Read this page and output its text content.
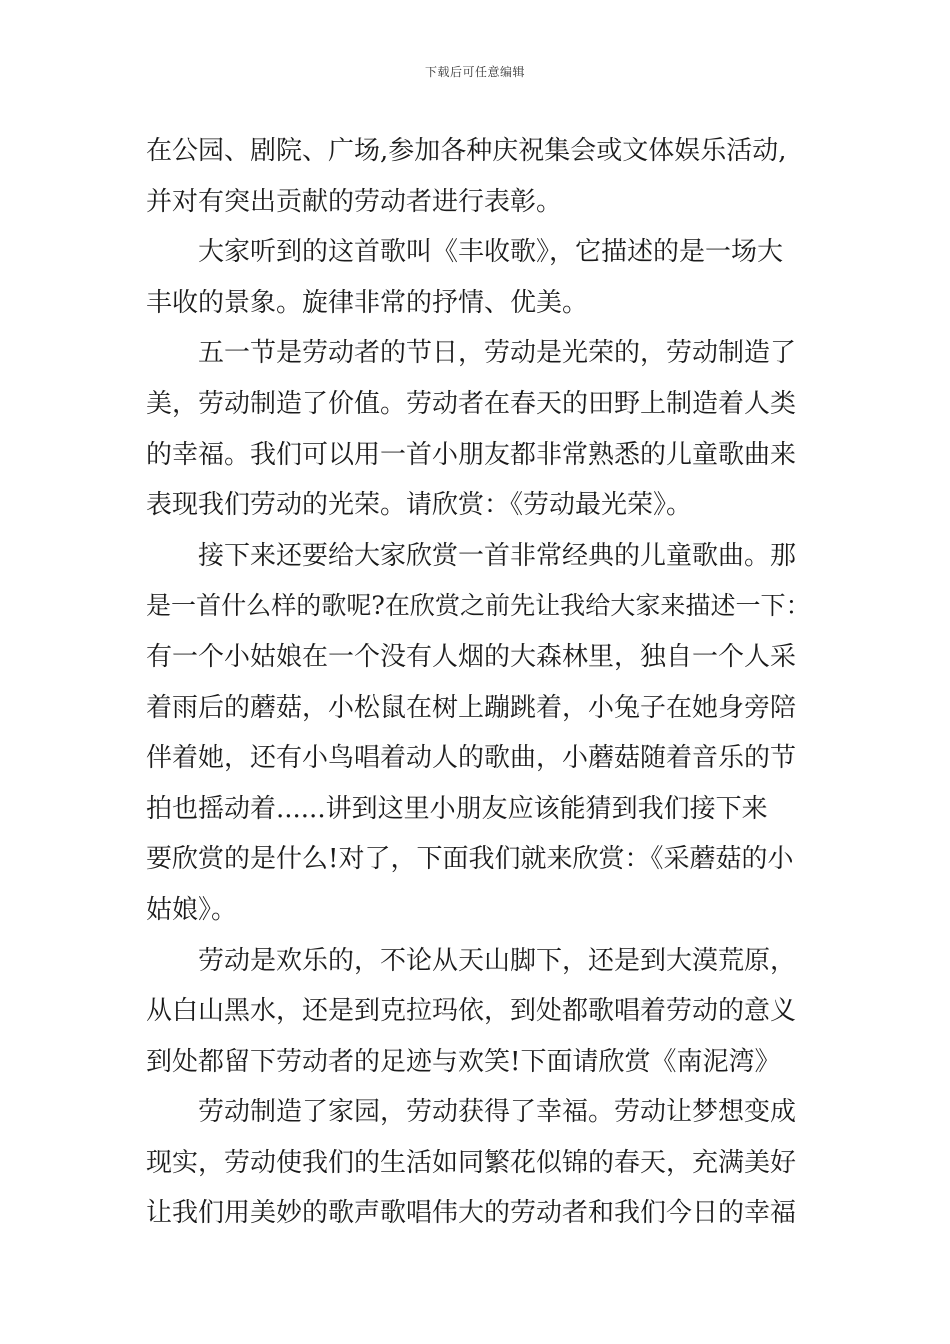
下载后可任意编辑

在公园、剧院、广场,参加各种庆祝集会或文体娱乐活动,
并对有突出贡献的劳动者进行表彰。

大家听到的这首歌叫《丰收歌》，它描述的是一场大
丰收的景象。旋律非常的抒情、优美。

五一节是劳动者的节日，劳动是光荣的，劳动制造了
美，劳动制造了价值。劳动者在春天的田野上制造着人类
的幸福。我们可以用一首小朋友都非常熟悉的儿童歌曲来
表现我们劳动的光荣。请欣赏：《劳动最光荣》。

接下来还要给大家欣赏一首非常经典的儿童歌曲。那
是一首什么样的歌呢?在欣赏之前先让我给大家来描述一下：
有一个小姑娘在一个没有人烟的大森林里，独自一个人采
着雨后的蘑菇，小松鼠在树上蹦跳着，小兔子在她身旁陪
伴着她，还有小鸟唱着动人的歌曲，小蘑菇随着音乐的节
拍也摇动着......讲到这里小朋友应该能猜到我们接下来
要欣赏的是什么!对了，下面我们就来欣赏：《采蘑菇的小
姑娘》。

劳动是欢乐的，不论从天山脚下，还是到大漠荒原，
从白山黑水，还是到克拉玛依，到处都歌唱着劳动的意义
到处都留下劳动者的足迹与欢笑!下面请欣赏《南泥湾》

劳动制造了家园，劳动获得了幸福。劳动让梦想变成
现实，劳动使我们的生活如同繁花似锦的春天，充满美好
让我们用美妙的歌声歌唱伟大的劳动者和我们今日的幸福
